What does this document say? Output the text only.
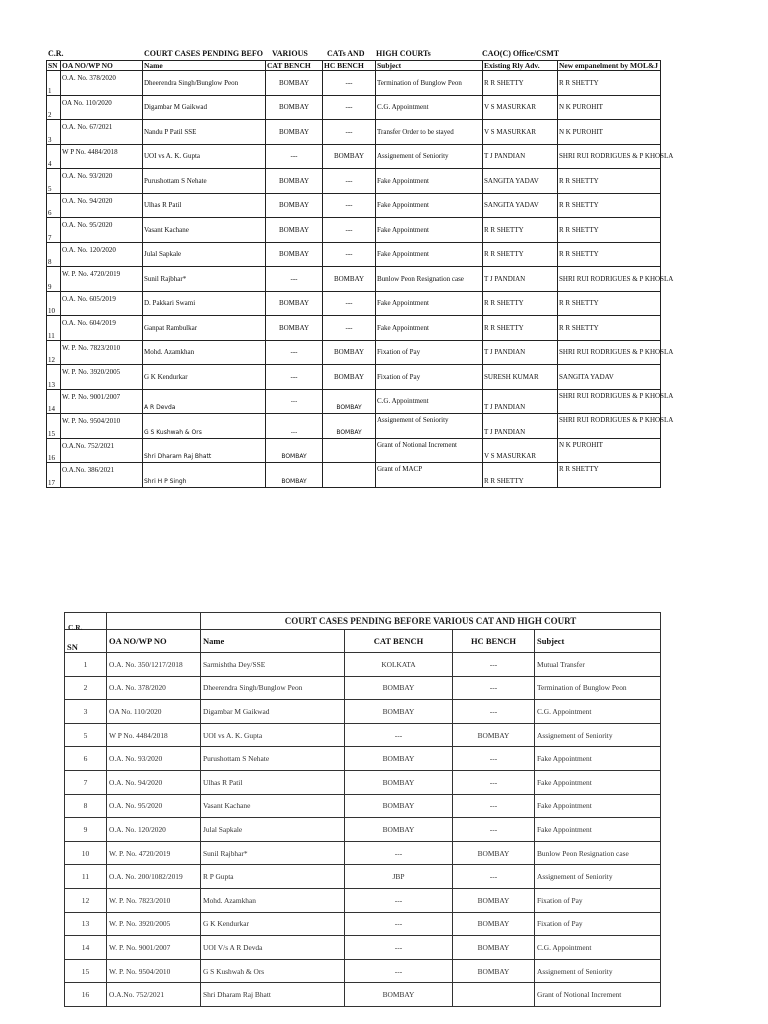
C.R.	COURT CASES PENDING BEFO VARIOUS CATs AND HIGH COURTs	CAO(C) Office/CSMT
SN	OA NO/WP NO	Name	CAT BENCH	HC BENCH	Subject	Existing Rly Adv.	New empanelment by MOL&J
1	O.A. No. 378/2020	Dheerendra Singh/Bunglow Peon	BOMBAY	---	Termination of Bunglow Peon	R R SHETTY	R R SHETTY
2	OA No. 110/2020	Digambar M Gaikwad	BOMBAY	---	C.G. Appointment	V S MASURKAR	N K PUROHIT
3	O.A. No. 67/2021	Nandu P Patil SSE	BOMBAY	---	Transfer Order to be stayed	V S MASURKAR	N K PUROHIT
4	W P No. 4484/2018	UOI vs A. K. Gupta	---	BOMBAY	Assignement of Seniority	T J PANDIAN	SHRI RUI RODRIGUES & P KHOSLA
5	O.A. No. 93/2020	Purushottam S Nehate	BOMBAY	---	Fake Appointment	SANGITA YADAV	R R SHETTY
6	O.A. No. 94/2020	Ulhas R Patil	BOMBAY	---	Fake Appointment	SANGITA YADAV	R R SHETTY
7	O.A. No. 95/2020	Vasant Kachane	BOMBAY	---	Fake Appointment	R R SHETTY	R R SHETTY
8	O.A. No. 120/2020	Julal Sapkale	BOMBAY	---	Fake Appointment	R R SHETTY	R R SHETTY
9	W. P. No. 4720/2019	Sunil Rajbhar*	---	BOMBAY	Bunlow Peon Resignation case	T J PANDIAN	SHRI RUI RODRIGUES & P KHOSLA
10	O.A. No. 605/2019	D. Pakkari Swami	BOMBAY	---	Fake Appointment	R R SHETTY	R R SHETTY
11	O.A. No. 604/2019	Ganpat Rambulkar	BOMBAY	---	Fake Appointment	R R SHETTY	R R SHETTY
12	W. P. No. 7823/2010	Mohd. Azamkhan	---	BOMBAY	Fixation of Pay	T J PANDIAN	SHRI RUI RODRIGUES & P KHOSLA
13	W. P. No. 3920/2005	G K Kendurkar	---	BOMBAY	Fixation of Pay	SURESH KUMAR	SANGITA YADAV
14	W. P. No. 9001/2007	A R Devda	---	BOMBAY	C.G. Appointment	T J PANDIAN	SHRI RUI RODRIGUES & P KHOSLA
15	W. P. No. 9504/2010	G S Kushwah & Ors	---	BOMBAY	Assignement of Seniority	T J PANDIAN	SHRI RUI RODRIGUES & P KHOSLA
16	O.A.No. 752/2021	Shri Dharam Raj Bhatt	BOMBAY		Grant of Notional Increment	V S MASURKAR	N K PUROHIT
17	O.A.No. 386/2021	Shri H P Singh	BOMBAY		Grant of MACP	R R SHETTY	R R SHETTY
		COURT CASES PENDING BEFORE VARIOUS CAT AND HIGH COURT			
SN	OA NO/WP NO	Name	CAT BENCH	HC BENCH	Subject
1	O.A. No. 350/1217/2018	Sarmishtha Dey/SSE	KOLKATA	---	Mutual Transfer
2	O.A. No. 378/2020	Dheerendra Singh/Bunglow Peon	BOMBAY	---	Termination of Bunglow Peon
3	OA No. 110/2020	Digambar M Gaikwad	BOMBAY	---	C.G. Appointment
5	W P No. 4484/2018	UOI vs A. K. Gupta	---	BOMBAY	Assignement of Seniority
6	O.A. No. 93/2020	Purushottam S Nehate	BOMBAY	---	Fake Appointment
7	O.A. No. 94/2020	Ulhas R Patil	BOMBAY	---	Fake Appointment
8	O.A. No. 95/2020	Vasant Kachane	BOMBAY	---	Fake Appointment
9	O.A. No. 120/2020	Julal Sapkale	BOMBAY	---	Fake Appointment
10	W. P. No. 4720/2019	Sunil Rajbhar*	---	BOMBAY	Bunlow Peon Resignation case
11	O.A. No. 200/1082/2019	R P Gupta	JBP	---	Assignement of Seniority
12	W. P. No. 7823/2010	Mohd. Azamkhan	---	BOMBAY	Fixation of Pay
13	W. P. No. 3920/2005	G K Kendurkar	---	BOMBAY	Fixation of Pay
14	W. P. No. 9001/2007	UOI V/s A R Devda	---	BOMBAY	C.G. Appointment
15	W. P. No. 9504/2010	G S Kushwah & Ors	---	BOMBAY	Assignement of Seniority
16	O.A.No. 752/2021	Shri Dharam Raj Bhatt	BOMBAY		Grant of Notional Increment
C.R.
